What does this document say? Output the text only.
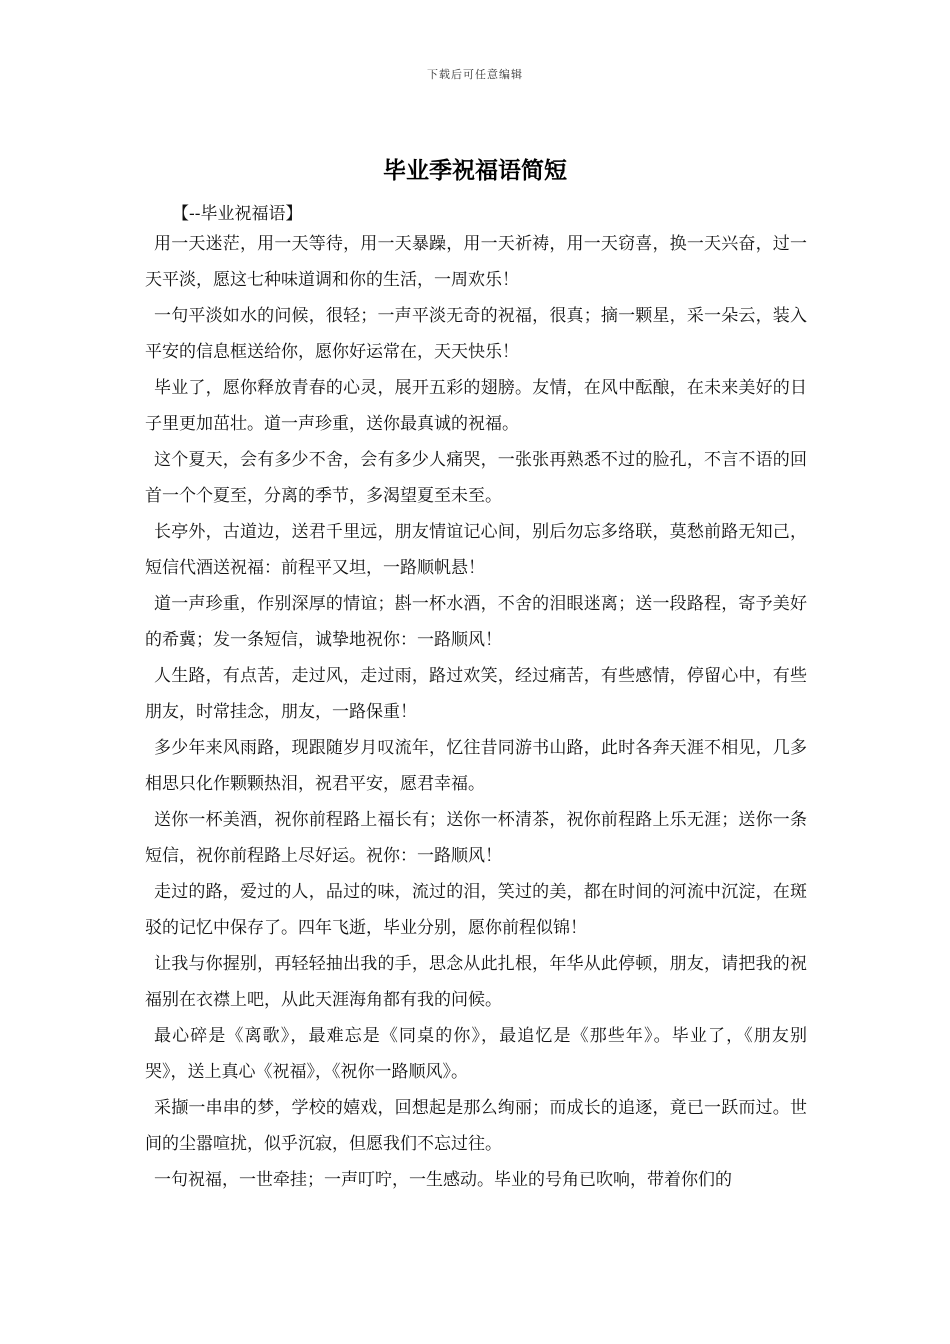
下载后可任意编辑
毕业季祝福语简短
【--毕业祝福语】

用一天迷茫，用一天等待，用一天暴躁，用一天祈祷，用一天窃喜，换一天兴奋，过一天平淡，愿这七种味道调和你的生活，一周欢乐！

一句平淡如水的问候，很轻；一声平淡无奇的祝福，很真；摘一颗星，采一朵云，装入平安的信息框送给你，愿你好运常在，天天快乐！

毕业了，愿你释放青春的心灵，展开五彩的翅膀。友情，在风中酝酿，在未来美好的日子里更加茁壮。道一声珍重，送你最真诚的祝福。

这个夏天，会有多少不舍，会有多少人痛哭，一张张再熟悉不过的脸孔，不言不语的回首一个个夏至，分离的季节，多渴望夏至未至。

长亭外，古道边，送君千里远，朋友情谊记心间，别后勿忘多络联，莫愁前路无知己，短信代酒送祝福：前程平又坦，一路顺帆悬！

道一声珍重，作别深厚的情谊；斟一杯水酒，不舍的泪眼迷离；送一段路程，寄予美好的希冀；发一条短信，诚挚地祝你：一路顺风！

人生路，有点苦，走过风，走过雨，路过欢笑，经过痛苦，有些感情，停留心中，有些朋友，时常挂念，朋友，一路保重！

多少年来风雨路，现跟随岁月叹流年，忆往昔同游书山路，此时各奔天涯不相见，几多相思只化作颗颗热泪，祝君平安，愿君幸福。

送你一杯美酒，祝你前程路上福长有；送你一杯清茶，祝你前程路上乐无涯；送你一条短信，祝你前程路上尽好运。祝你：一路顺风！

走过的路，爱过的人，品过的味，流过的泪，笑过的美，都在时间的河流中沉淀，在斑驳的记忆中保存了。四年飞逝，毕业分别，愿你前程似锦！

让我与你握别，再轻轻抽出我的手，思念从此扎根，年华从此停顿，朋友，请把我的祝福别在衣襟上吧，从此天涯海角都有我的问候。

最心碎是《离歌》，最难忘是《同桌的你》，最追忆是《那些年》。毕业了，《朋友别哭》，送上真心《祝福》，《祝你一路顺风》。

采撷一串串的梦，学校的嬉戏，回想起是那么绚丽；而成长的追逐，竟已一跃而过。世间的尘嚣喧扰，似乎沉寂，但愿我们不忘过往。

一句祝福，一世牵挂；一声叮咛，一生感动。毕业的号角已吹响，带着你们的
